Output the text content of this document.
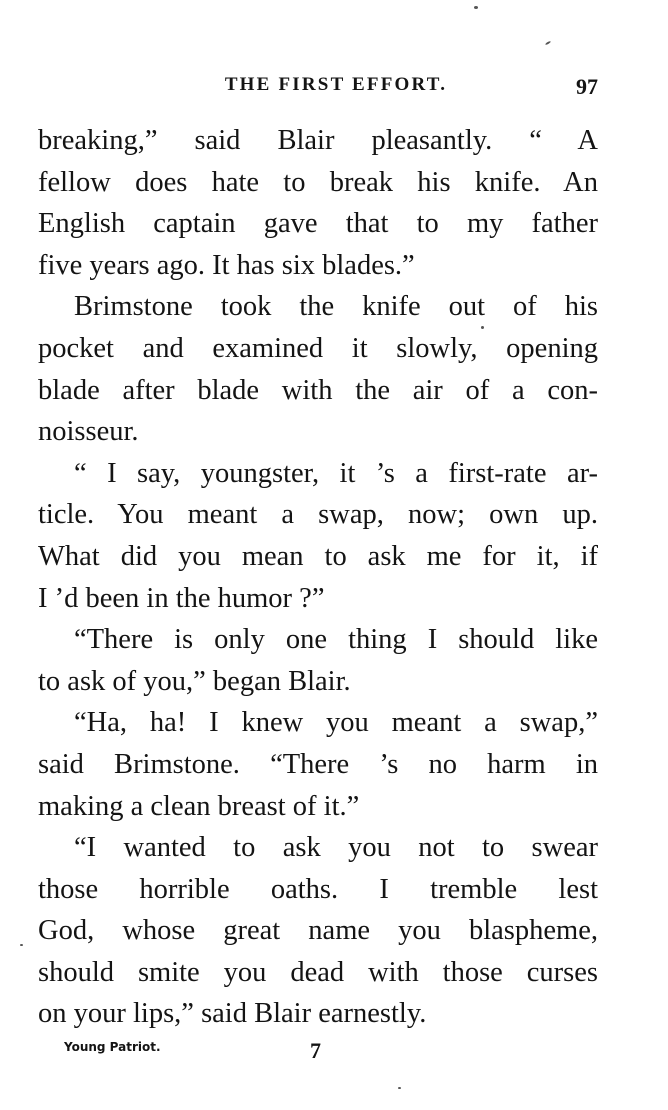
THE FIRST EFFORT.	97
breaking,” said Blair pleasantly. “ A
fellow does hate to break his knife. An
English captain gave that to my father
five years ago. It has six blades.”
Brimstone took the knife out of his
pocket and examined it slowly, opening
blade after blade with the air of a con-
noisseur.
“ I say, youngster, it ’s a first-rate ar-
ticle. You meant a swap, now; own up.
What did you mean to ask me for it, if
I ’d been in the humor ?”
“There is only one thing I should like
to ask of you,” began Blair.
“Ha, ha! I knew you meant a swap,”
said Brimstone. “There ’s no harm in
making a clean breast of it.”
“I wanted to ask you not to swear
those horrible oaths. I tremble lest
God, whose great name you blaspheme,
should smite you dead with those curses
on your lips,” said Blair earnestly.
Young Patriot.	7
